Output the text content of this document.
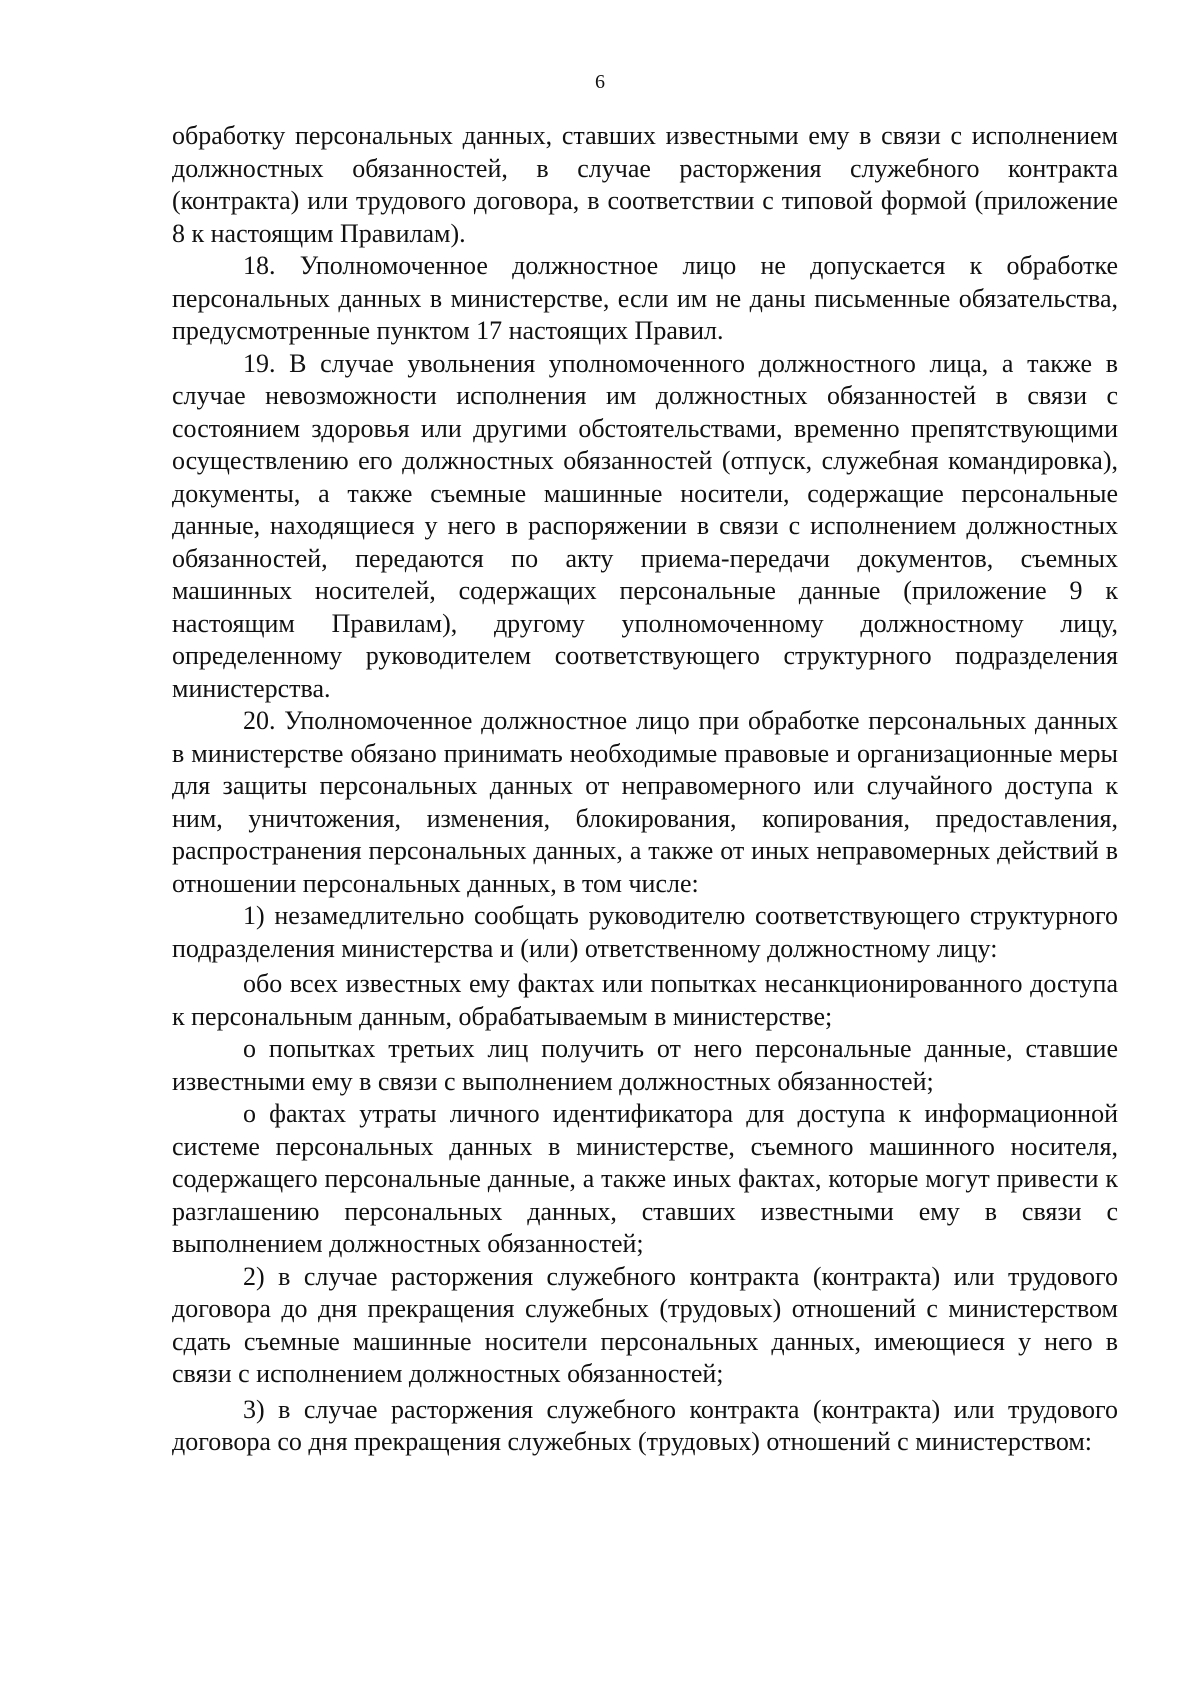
6

обработку персональных данных, ставших известными ему в связи с исполнением должностных обязанностей, в случае расторжения служебного контракта (контракта) или трудового договора, в соответствии с типовой формой (приложение 8 к настоящим Правилам).

18. Уполномоченное должностное лицо не допускается к обработке персональных данных в министерстве, если им не даны письменные обязательства, предусмотренные пунктом 17 настоящих Правил.

19. В случае увольнения уполномоченного должностного лица, а также в случае невозможности исполнения им должностных обязанностей в связи с состоянием здоровья или другими обстоятельствами, временно препятствующими осуществлению его должностных обязанностей (отпуск, служебная командировка), документы, а также съемные машинные носители, содержащие персональные данные, находящиеся у него в распоряжении в связи с исполнением должностных обязанностей, передаются по акту приема-передачи документов, съемных машинных носителей, содержащих персональные данные (приложение 9 к настоящим Правилам), другому уполномоченному должностному лицу, определенному руководителем соответствующего структурного подразделения министерства.

20. Уполномоченное должностное лицо при обработке персональных данных в министерстве обязано принимать необходимые правовые и организационные меры для защиты персональных данных от неправомерного или случайного доступа к ним, уничтожения, изменения, блокирования, копирования, предоставления, распространения персональных данных, а также от иных неправомерных действий в отношении персональных данных, в том числе:

1) незамедлительно сообщать руководителю соответствующего структурного подразделения министерства и (или) ответственному должностному лицу:

обо всех известных ему фактах или попытках несанкционированного доступа к персональным данным, обрабатываемым в министерстве;

о попытках третьих лиц получить от него персональные данные, ставшие известными ему в связи с выполнением должностных обязанностей;

о фактах утраты личного идентификатора для доступа к информационной системе персональных данных в министерстве, съемного машинного носителя, содержащего персональные данные, а также иных фактах, которые могут привести к разглашению персональных данных, ставших известными ему в связи с выполнением должностных обязанностей;

2) в случае расторжения служебного контракта (контракта) или трудового договора до дня прекращения служебных (трудовых) отношений с министерством сдать съемные машинные носители персональных данных, имеющиеся у него в связи с исполнением должностных обязанностей;

3) в случае расторжения служебного контракта (контракта) или трудового договора со дня прекращения служебных (трудовых) отношений с министерством:
